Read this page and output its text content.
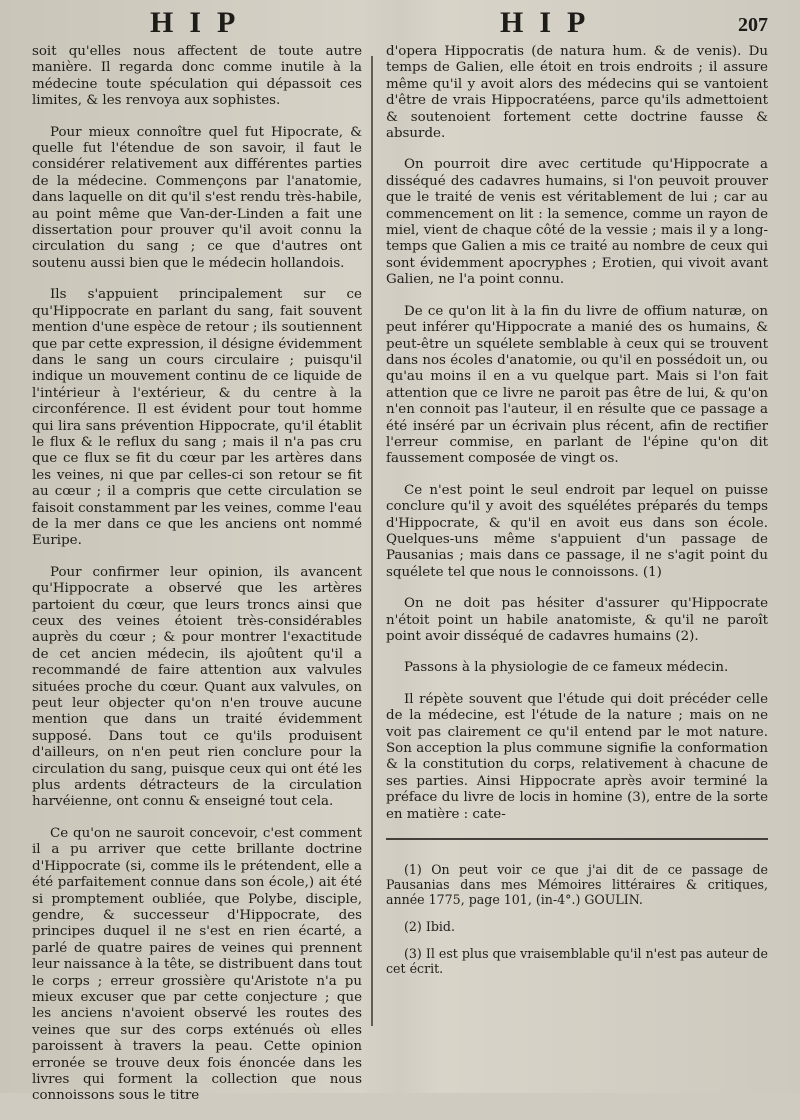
HIP	HIP	207

soit qu'elles nous affectent de toute autre manière. Il regarda donc comme inutile à la médecine toute spéculation qui dépassoit ces limites, & les renvoya aux sophistes.

Pour mieux connoître quel fut Hipocrate, & quelle fut l'étendue de son savoir, il faut le considérer relativement aux différentes parties de la médecine. Commençons par l'anatomie, dans laquelle on dit qu'il s'est rendu très-habile, au point même que Van-der-Linden a fait une dissertation pour prouver qu'il avoit connu la circulation du sang ; ce que d'autres ont soutenu aussi bien que le médecin hollandois.

Ils s'appuient principalement sur ce qu'Hippocrate en parlant du sang, fait souvent mention d'une espèce de retour ; ils soutiennent que par cette expression, il désigne évidemment dans le sang un cours circulaire ; puisqu'il indique un mouvement continu de ce liquide de l'intérieur à l'extérieur, & du centre à la circonférence. Il est évident pour tout homme qui lira sans prévention Hippocrate, qu'il établit le flux & le reflux du sang ; mais il n'a pas cru que ce flux se fit du cœur par les artères dans les veines, ni que par celles-ci son retour se fit au cœur ; il a compris que cette circulation se faisoit constamment par les veines, comme l'eau de la mer dans ce que les anciens ont nommé Euripe.

Pour confirmer leur opinion, ils avancent qu'Hippocrate a observé que les artères partoient du cœur, que leurs troncs ainsi que ceux des veines étoient très-considérables auprès du cœur ; & pour montrer l'exactitude de cet ancien médecin, ils ajoûtent qu'il a recommandé de faire attention aux valvules situées proche du cœur. Quant aux valvules, on peut leur objecter qu'on n'en trouve aucune mention que dans un traité évidemment supposé. Dans tout ce qu'ils produisent d'ailleurs, on n'en peut rien conclure pour la circulation du sang, puisque ceux qui ont été les plus ardents détracteurs de la circulation harvéienne, ont connu & enseigné tout cela.

Ce qu'on ne sauroit concevoir, c'est comment il a pu arriver que cette brillante doctrine d'Hippocrate (si, comme ils le prétendent, elle a été parfaitement connue dans son école,) ait été si promptement oubliée, que Polybe, disciple, gendre, & successeur d'Hippocrate, des principes duquel il ne s'est en rien écarté, a parlé de quatre paires de veines qui prennent leur naissance à la tête, se distribuent dans tout le corps ; erreur grossière qu'Aristote n'a pu mieux excuser que par cette conjecture ; que les anciens n'avoient observé les routes des veines que sur des corps exténués où elles paroissent à travers la peau. Cette opinion erronée se trouve deux fois énoncée dans les livres qui forment la collection que nous connoissons sous le titre

d'opera Hippocratis (de natura hum. & de venis). Du temps de Galien, elle étoit en trois endroits ; il assure même qu'il y avoit alors des médecins qui se vantoient d'être de vrais Hippocratéens, parce qu'ils admettoient & soutenoient fortement cette doctrine fausse & absurde.

On pourroit dire avec certitude qu'Hippocrate a disséqué des cadavres humains, si l'on peuvoit prouver que le traité de venis est véritablement de lui ; car au commencement on lit : la semence, comme un rayon de miel, vient de chaque côté de la vessie ; mais il y a long-temps que Galien a mis ce traité au nombre de ceux qui sont évidemment apocryphes ; Erotien, qui vivoit avant Galien, ne l'a point connu.

De ce qu'on lit à la fin du livre de offium naturæ, on peut inférer qu'Hippocrate a manié des os humains, & peut-être un squélete semblable à ceux qui se trouvent dans nos écoles d'anatomie, ou qu'il en possédoit un, ou qu'au moins il en a vu quelque part. Mais si l'on fait attention que ce livre ne paroit pas être de lui, & qu'on n'en connoit pas l'auteur, il en résulte que ce passage a été inséré par un écrivain plus récent, afin de rectifier l'erreur commise, en parlant de l'épine qu'on dit faussement composée de vingt os.

Ce n'est point le seul endroit par lequel on puisse conclure qu'il y avoit des squélétes préparés du temps d'Hippocrate, & qu'il en avoit eus dans son école. Quelques-uns même s'appuient d'un passage de Pausanias ; mais dans ce passage, il ne s'agit point du squélete tel que nous le connoissons. (1)

On ne doit pas hésiter d'assurer qu'Hippocrate n'étoit point un habile anatomiste, & qu'il ne paroît point avoir disséqué de cadavres humains (2).

Passons à la physiologie de ce fameux médecin.

Il répète souvent que l'étude qui doit précéder celle de la médecine, est l'étude de la nature ; mais on ne voit pas clairement ce qu'il entend par le mot nature. Son acception la plus commune signifie la conformation & la constitution du corps, relativement à chacune de ses parties. Ainsi Hippocrate après avoir terminé la préface du livre de locis in homine (3), entre de la sorte en matière : cate-

(1) On peut voir ce que j'ai dit de ce passage de Pausanias dans mes Mémoires littéraires & critiques, année 1775, page 101, (in-4°.) GOULIN.

(2) Ibid.

(3) Il est plus que vraisemblable qu'il n'est pas auteur de cet écrit.
